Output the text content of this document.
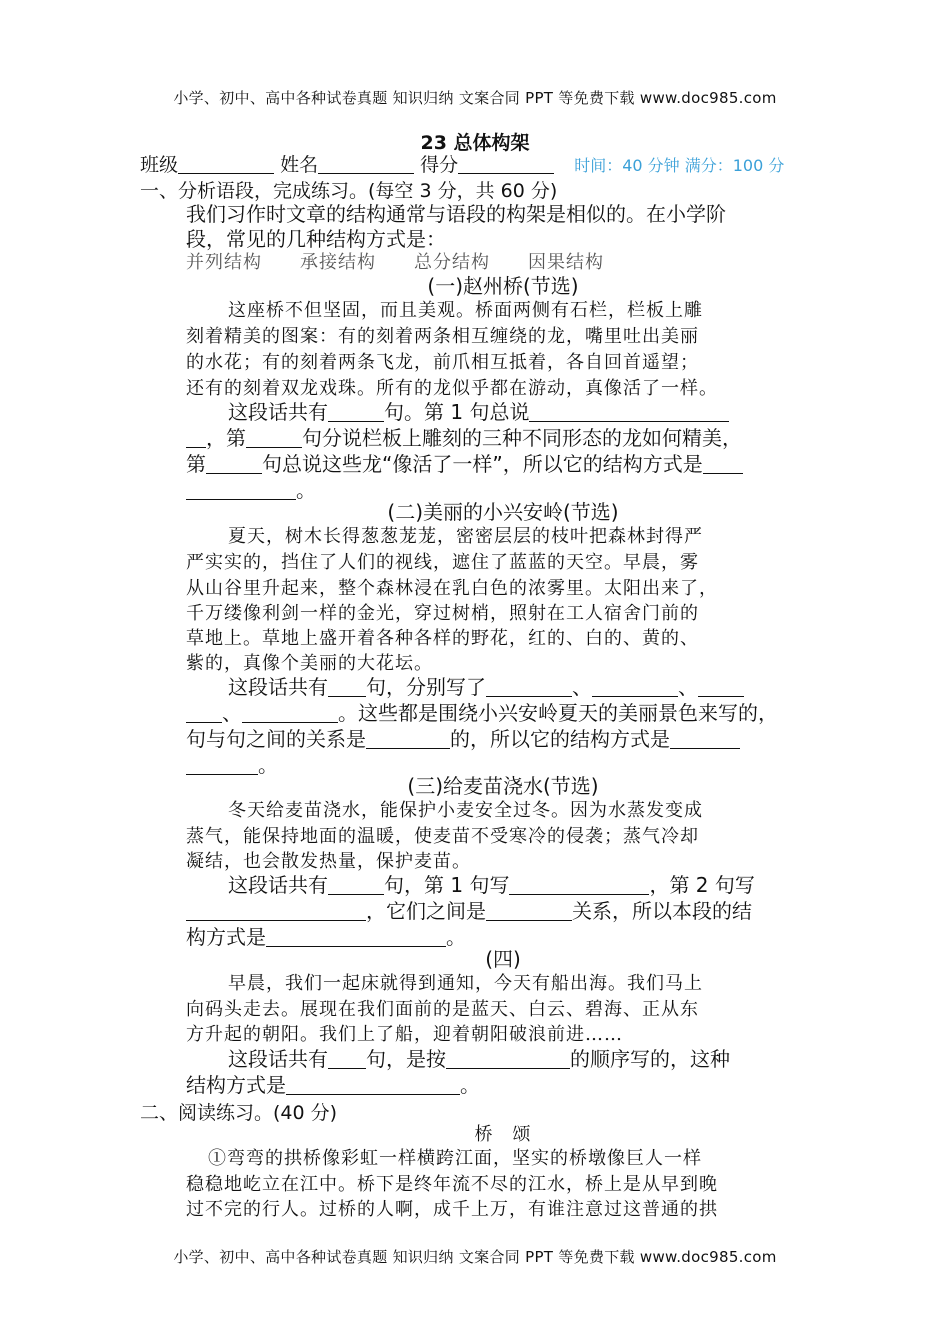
小学、初中、高中各种试卷真题 知识归纳 文案合同 PPT 等免费下载 www.doc985.com
23 总体构架
班级	姓名	得分	时间：40 分钟 满分：100 分
一、分析语段，完成练习。(每空 3 分，共 60 分)
我们习作时文章的结构通常与语段的构架是相似的。在小学阶
段，常见的几种结构方式是：
并列结构 承接结构 总分结构 因果结构
(一)赵州桥(节选)
这座桥不但坚固，而且美观。桥面两侧有石栏，栏板上雕
刻着精美的图案：有的刻着两条相互缠绕的龙，嘴里吐出美丽
的水花；有的刻着两条飞龙，前爪相互抵着，各自回首遥望；
还有的刻着双龙戏珠。所有的龙似乎都在游动，真像活了一样。
这段话共有	句。第 1 句总说
，第	句分说栏板上雕刻的三种不同形态的龙如何精美，
第	句总说这些龙“像活了一样”，所以它的结构方式是
。
(二)美丽的小兴安岭(节选)
夏天，树木长得葱葱茏茏，密密层层的枝叶把森林封得严
严实实的，挡住了人们的视线，遮住了蓝蓝的天空。早晨，雾
从山谷里升起来，整个森林浸在乳白色的浓雾里。太阳出来了，
千万缕像利剑一样的金光，穿过树梢，照射在工人宿舍门前的
草地上。草地上盛开着各种各样的野花，红的、白的、黄的、
紫的，真像个美丽的大花坛。
这段话共有 句，分别写了	、	、
、	。这些都是围绕小兴安岭夏天的美丽景色来写的，
句与句之间的关系是	的，所以它的结构方式是
。
(三)给麦苗浇水(节选)
冬天给麦苗浇水，能保护小麦安全过冬。因为水蒸发变成
蒸气，能保持地面的温暖，使麦苗不受寒冷的侵袭；蒸气冷却
凝结，也会散发热量，保护麦苗。
这段话共有	句，第 1 句写	，第 2 句写
，它们之间是	关系，所以本段的结
构方式是	。
(四)
早晨，我们一起床就得到通知，今天有船出海。我们马上
向码头走去。展现在我们面前的是蓝天、白云、碧海、正从东
方升起的朝阳。我们上了船，迎着朝阳破浪前进……
这段话共有 句，是按	的顺序写的，这种
结构方式是	。
二、阅读练习。(40 分)
桥　颂
①弯弯的拱桥像彩虹一样横跨江面，坚实的桥墩像巨人一样
稳稳地屹立在江中。桥下是终年流不尽的江水，桥上是从早到晚
过不完的行人。过桥的人啊，成千上万，有谁注意过这普通的拱
小学、初中、高中各种试卷真题 知识归纳 文案合同 PPT 等免费下载 www.doc985.com
